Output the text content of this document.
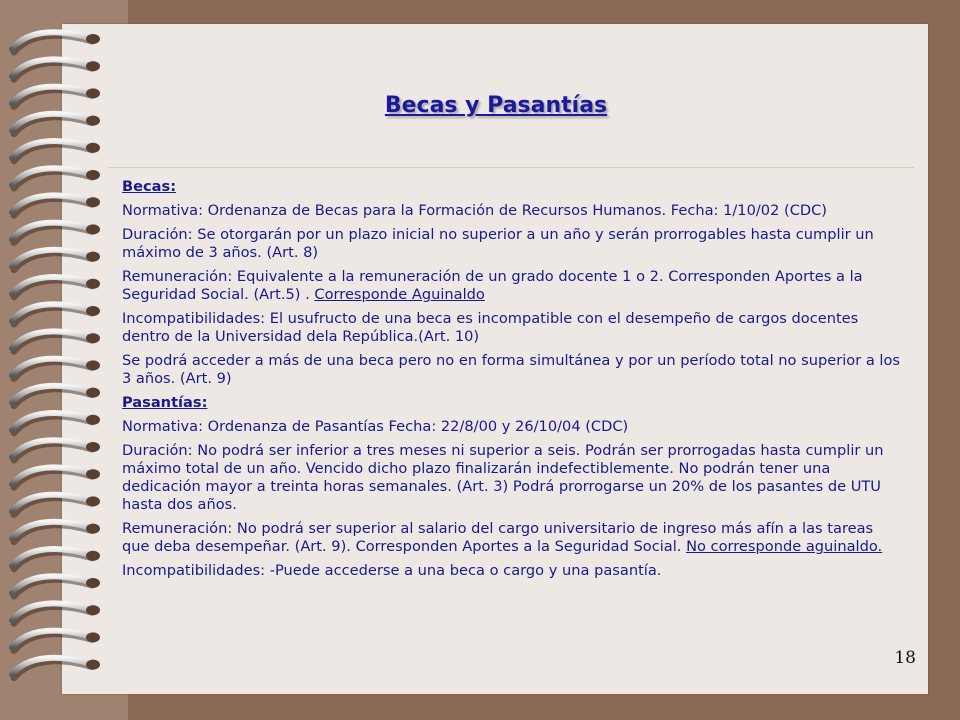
Becas y Pasantías

Becas:

Normativa: Ordenanza de Becas para la Formación de Recursos Humanos. Fecha: 1/10/02 (CDC)

Duración: Se otorgarán por un plazo inicial no superior a un año y serán prorrogables hasta cumplir un máximo de 3 años. (Art. 8)

Remuneración: Equivalente a la remuneración de un grado docente 1 o 2. Corresponden Aportes a la Seguridad Social. (Art.5) . Corresponde Aguinaldo

Incompatibilidades: El usufructo de una beca es incompatible con el desempeño de cargos docentes dentro de la Universidad dela República.(Art. 10)

Se podrá acceder a más de una beca pero no en forma simultánea y por un período total no superior a los 3 años. (Art. 9)

Pasantías:

Normativa: Ordenanza de Pasantías Fecha: 22/8/00 y 26/10/04 (CDC)

Duración: No podrá ser inferior a tres meses ni superior a seis. Podrán ser prorrogadas hasta cumplir un máximo total de un año. Vencido dicho plazo finalizarán indefectiblemente. No podrán tener una dedicación mayor a treinta horas semanales. (Art. 3) Podrá prorrogarse un 20% de los pasantes de UTU hasta dos años.

Remuneración: No podrá ser superior al salario del cargo universitario de ingreso más afín a las tareas que deba desempeñar. (Art. 9). Corresponden Aportes a la Seguridad Social. No corresponde aguinaldo.

Incompatibilidades: -Puede accederse a una beca o cargo y una pasantía.

18
